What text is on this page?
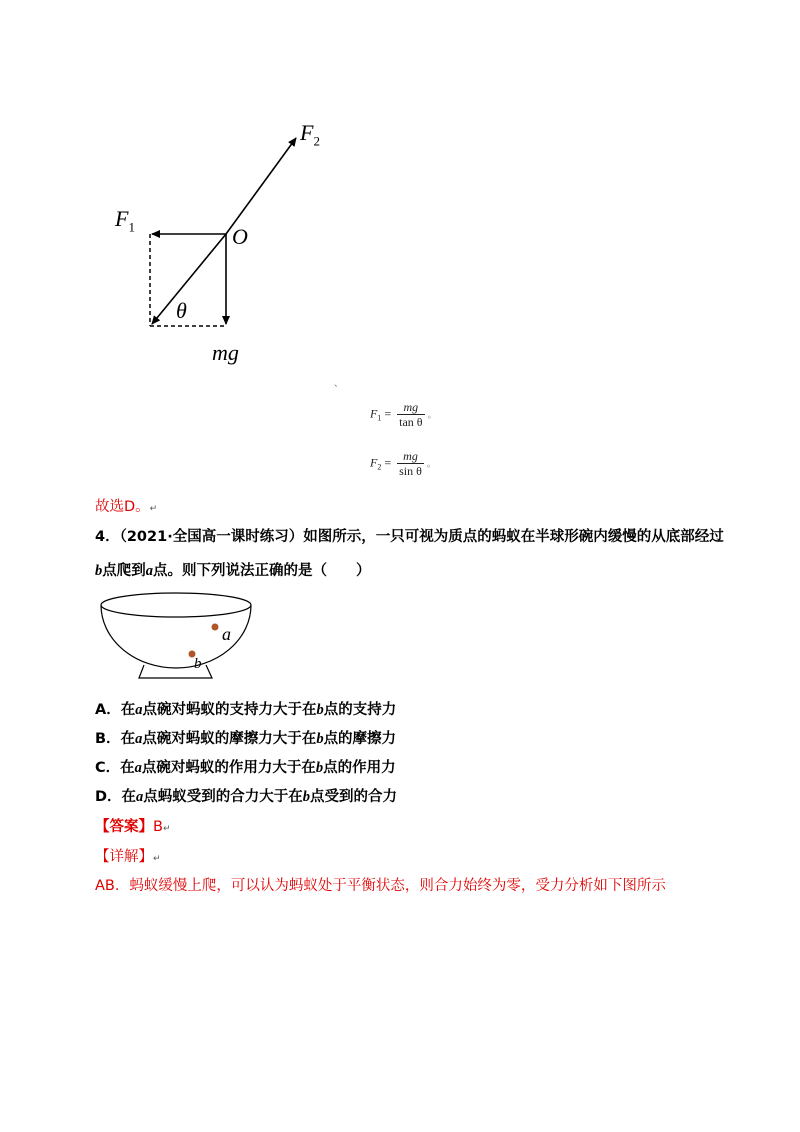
$F_2$
$F_1$	O
θ
mg
、
$F_1 = \frac{mg}{\text{tan θ}}$ 。
$F_2 = \frac{mg}{\text{sin θ}}$ 。
故选D。↵
4．（2021·全国高一课时练习）如图所示，一只可视为质点的蚂蚁在半球形碗内缓慢的从底部经过
b点爬到a点。则下列说法正确的是（　　）
a
b
A．在a点碗对蚂蚁的支持力大于在b点的支持力
B．在a点碗对蚂蚁的摩擦力大于在b点的摩擦力
C．在a点碗对蚂蚁的作用力大于在b点的作用力
D．在a点蚂蚁受到的合力大于在b点受到的合力
【答案】B↵
【详解】↵
AB．蚂蚁缓慢上爬，可以认为蚂蚁处于平衡状态，则合力始终为零，受力分析如下图所示
